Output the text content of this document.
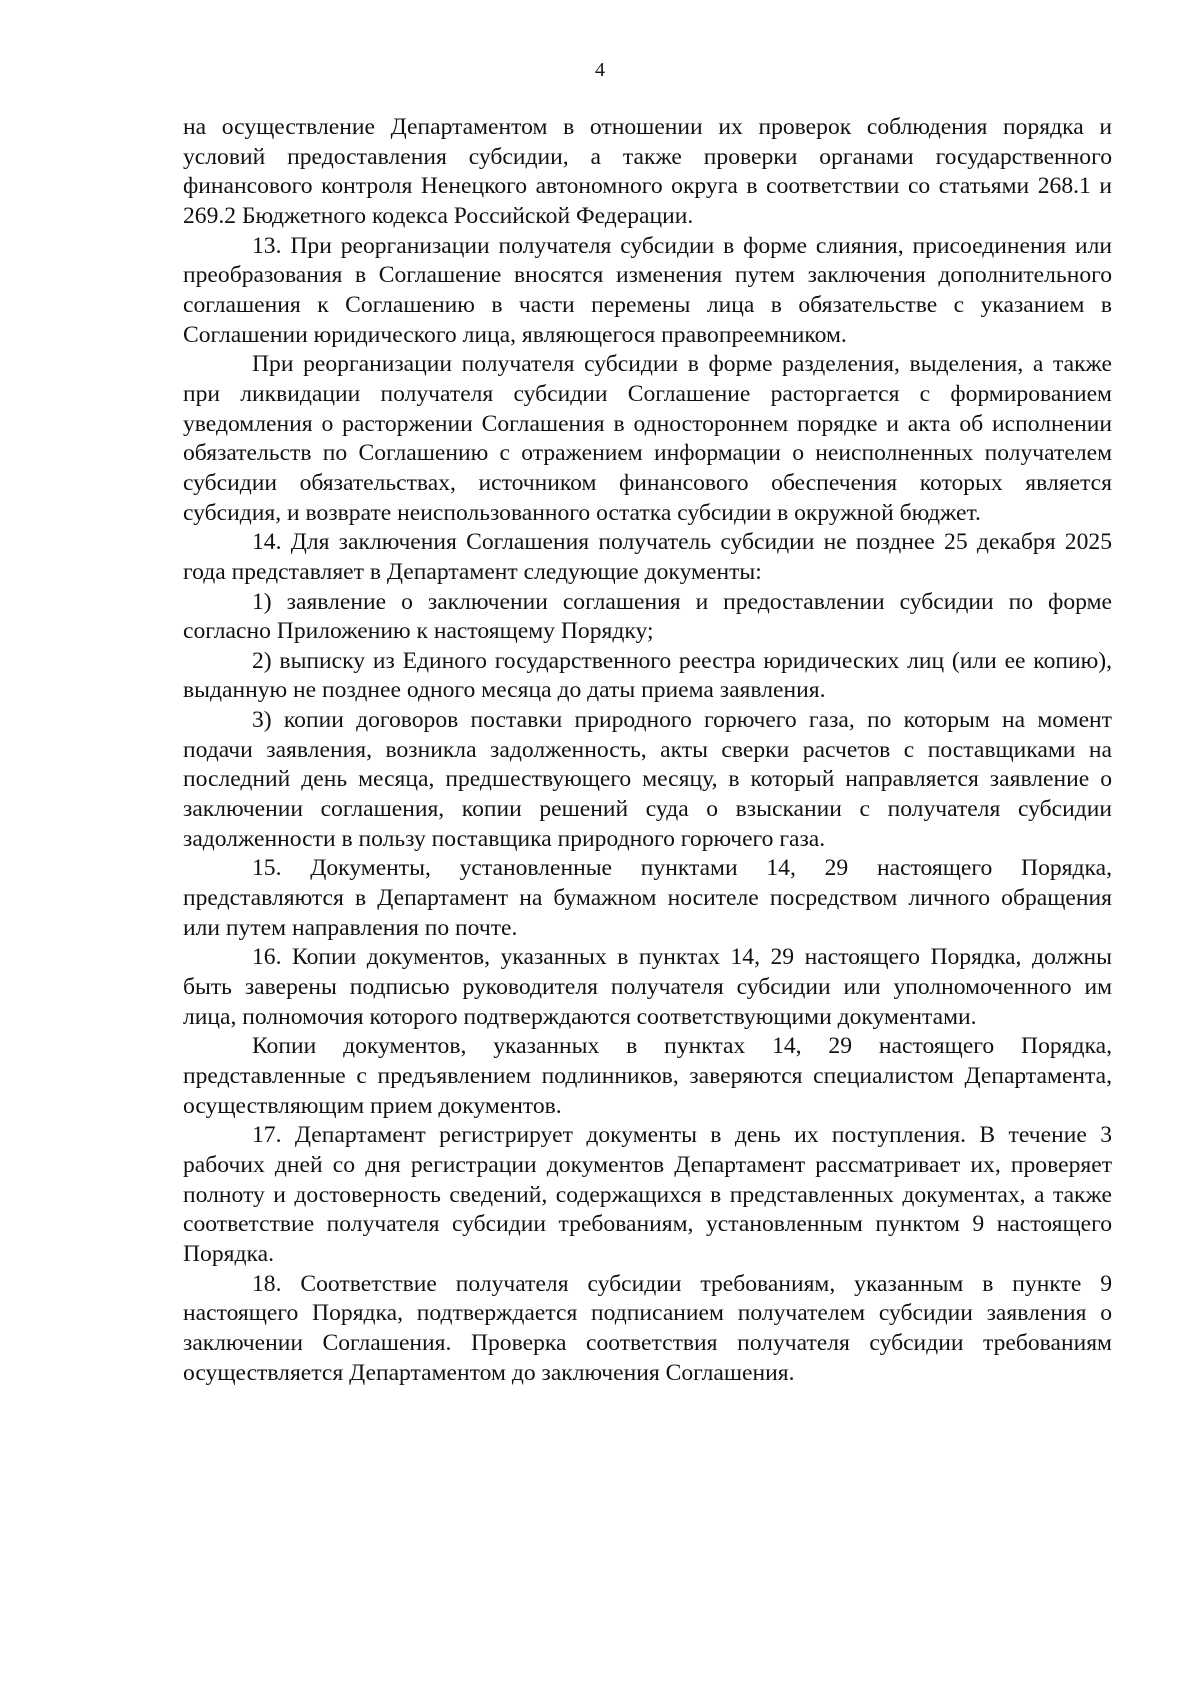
4

на осуществление Департаментом в отношении их проверок соблюдения порядка и условий предоставления субсидии, а также проверки органами государственного финансового контроля Ненецкого автономного округа в соответствии со статьями 268.1 и 269.2 Бюджетного кодекса Российской Федерации.

13. При реорганизации получателя субсидии в форме слияния, присоединения или преобразования в Соглашение вносятся изменения путем заключения дополнительного соглашения к Соглашению в части перемены лица в обязательстве с указанием в Соглашении юридического лица, являющегося правопреемником.

При реорганизации получателя субсидии в форме разделения, выделения, а также при ликвидации получателя субсидии Соглашение расторгается с формированием уведомления о расторжении Соглашения в одностороннем порядке и акта об исполнении обязательств по Соглашению с отражением информации о неисполненных получателем субсидии обязательствах, источником финансового обеспечения которых является субсидия, и возврате неиспользованного остатка субсидии в окружной бюджет.

14. Для заключения Соглашения получатель субсидии не позднее 25 декабря 2025 года представляет в Департамент следующие документы:

1) заявление о заключении соглашения и предоставлении субсидии по форме согласно Приложению к настоящему Порядку;

2) выписку из Единого государственного реестра юридических лиц (или ее копию), выданную не позднее одного месяца до даты приема заявления.

3) копии договоров поставки природного горючего газа, по которым на момент подачи заявления, возникла задолженность, акты сверки расчетов с поставщиками на последний день месяца, предшествующего месяцу, в который направляется заявление о заключении соглашения, копии решений суда о взыскании с получателя субсидии задолженности в пользу поставщика природного горючего газа.

15. Документы, установленные пунктами 14, 29 настоящего Порядка, представляются в Департамент на бумажном носителе посредством личного обращения или путем направления по почте.

16. Копии документов, указанных в пунктах 14, 29 настоящего Порядка, должны быть заверены подписью руководителя получателя субсидии или уполномоченного им лица, полномочия которого подтверждаются соответствующими документами.

Копии документов, указанных в пунктах 14, 29 настоящего Порядка, представленные с предъявлением подлинников, заверяются специалистом Департамента, осуществляющим прием документов.

17. Департамент регистрирует документы в день их поступления. В течение 3 рабочих дней со дня регистрации документов Департамент рассматривает их, проверяет полноту и достоверность сведений, содержащихся в представленных документах, а также соответствие получателя субсидии требованиям, установленным пунктом 9 настоящего Порядка.

18. Соответствие получателя субсидии требованиям, указанным в пункте 9 настоящего Порядка, подтверждается подписанием получателем субсидии заявления о заключении Соглашения. Проверка соответствия получателя субсидии требованиям осуществляется Департаментом до заключения Соглашения.
